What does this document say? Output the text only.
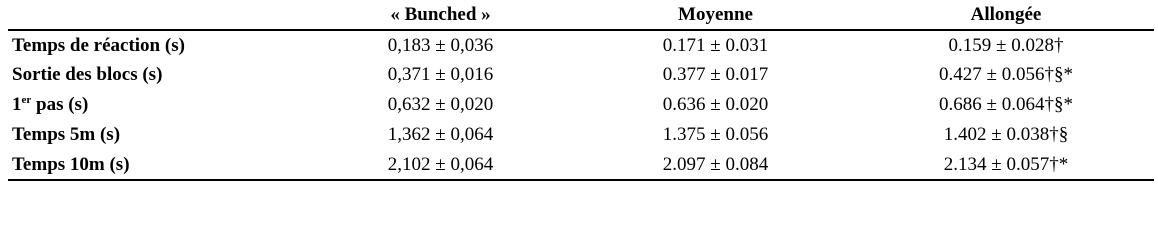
	« Bunched »	Moyenne	Allongée
Temps de réaction (s)	0,183 ± 0,036	0.171 ± 0.031	0.159 ± 0.028†
Sortie des blocs (s)	0,371 ± 0,016	0.377 ± 0.017	0.427 ± 0.056†§*
1er pas (s)	0,632 ± 0,020	0.636 ± 0.020	0.686 ± 0.064†§*
Temps 5m (s)	1,362 ± 0,064	1.375 ± 0.056	1.402 ± 0.038†§
Temps 10m (s)	2,102 ± 0,064	2.097 ± 0.084	2.134 ± 0.057†*
